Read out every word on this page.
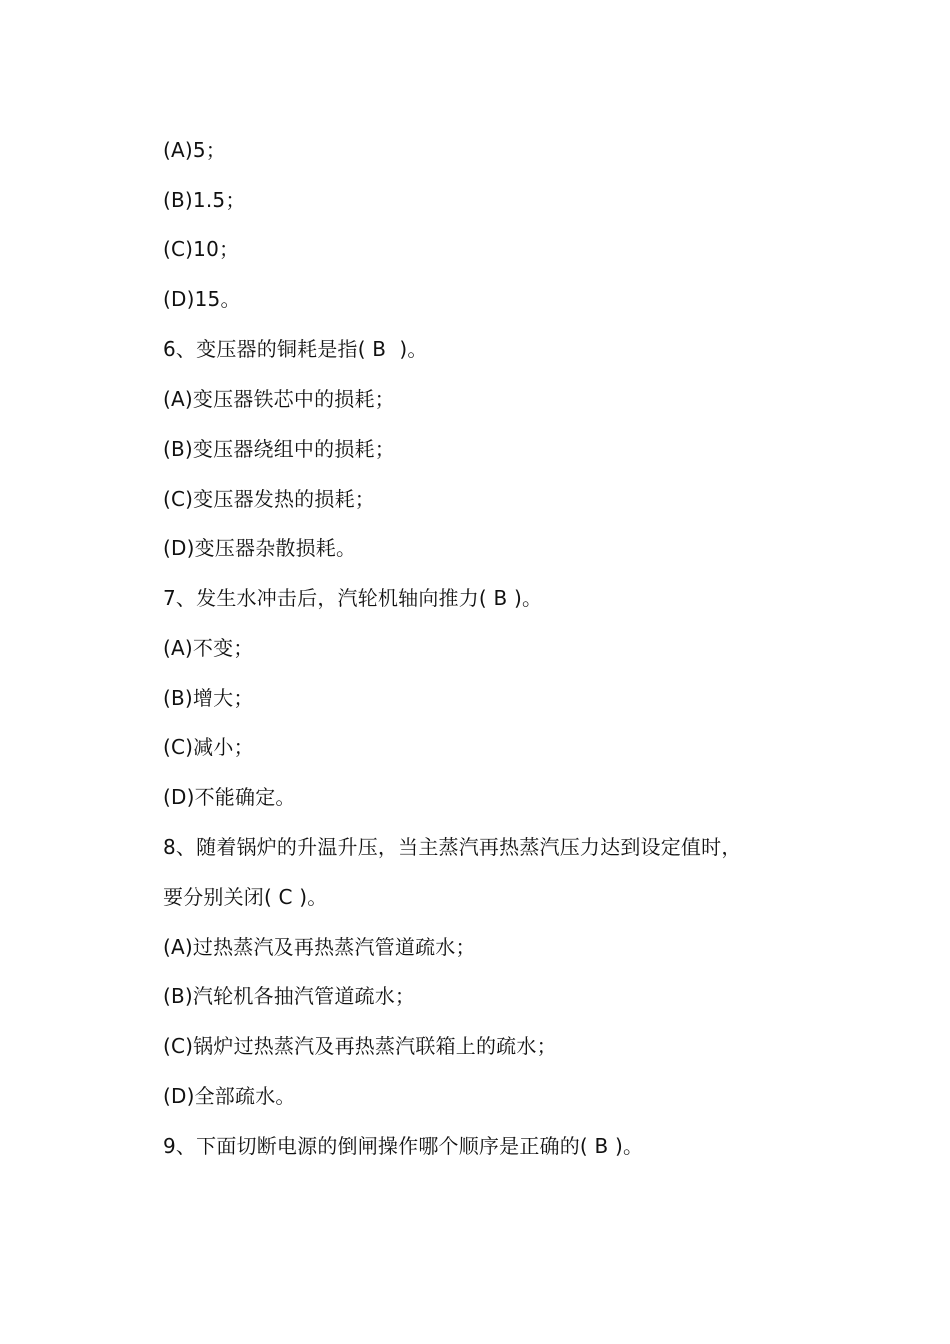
(A)5；
(B)1.5；
(C)10；
(D)15。
6、变压器的铜耗是指( B  )。
(A)变压器铁芯中的损耗；
(B)变压器绕组中的损耗；
(C)变压器发热的损耗；
(D)变压器杂散损耗。
7、发生水冲击后，汽轮机轴向推力( B )。
(A)不变；
(B)增大；
(C)减小；
(D)不能确定。
8、随着锅炉的升温升压，当主蒸汽再热蒸汽压力达到设定值时，
要分别关闭( C )。
(A)过热蒸汽及再热蒸汽管道疏水；
(B)汽轮机各抽汽管道疏水；
(C)锅炉过热蒸汽及再热蒸汽联箱上的疏水；
(D)全部疏水。
9、下面切断电源的倒闸操作哪个顺序是正确的( B )。
